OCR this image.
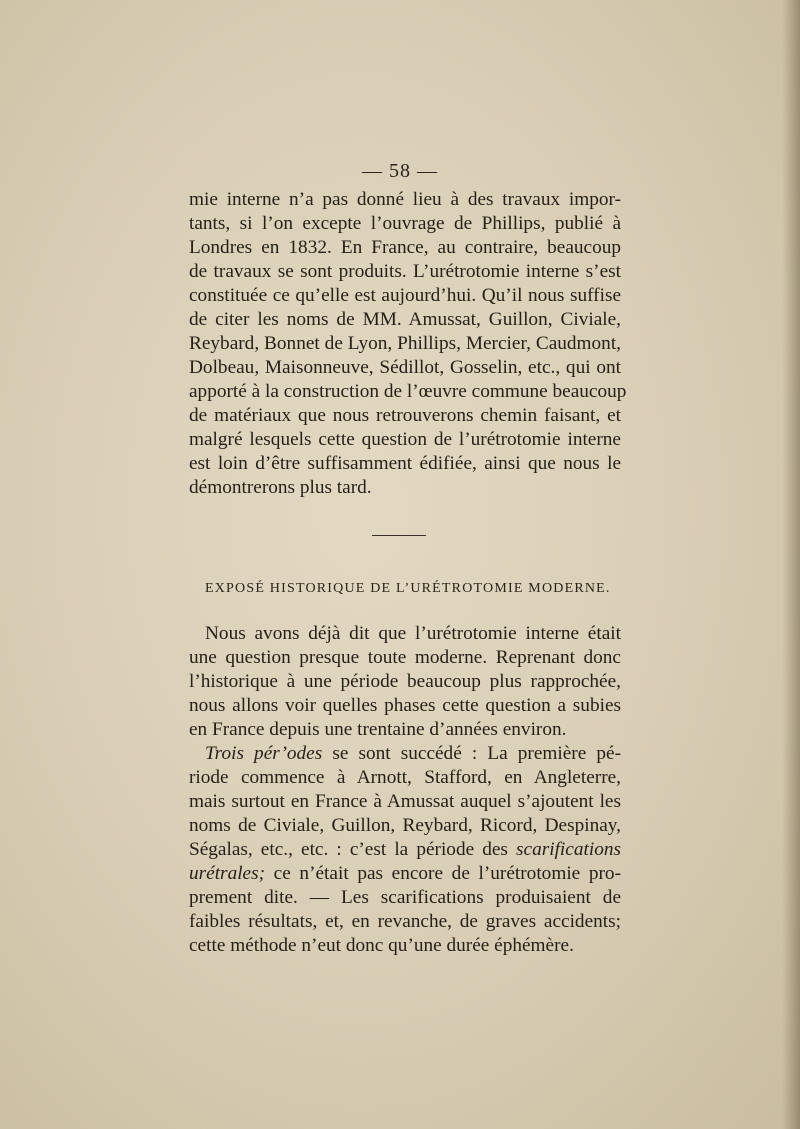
— 58 —
mie interne n’a pas donné lieu à des travaux impor-
tants, si l’on excepte l’ouvrage de Phillips, publié à
Londres en 1832. En France, au contraire, beaucoup
de travaux se sont produits. L’urétrotomie interne s’est
constituée ce qu’elle est aujourd’hui. Qu’il nous suffise
de citer les noms de MM. Amussat, Guillon, Civiale,
Reybard, Bonnet de Lyon, Phillips, Mercier, Caudmont,
Dolbeau, Maisonneuve, Sédillot, Gosselin, etc., qui ont
apporté à la construction de l’œuvre commune beaucoup
de matériaux que nous retrouverons chemin faisant, et
malgré lesquels cette question de l’urétrotomie interne
est loin d’être suffisamment édifiée, ainsi que nous le
démontrerons plus tard.
EXPOSÉ HISTORIQUE DE L’URÉTROTOMIE MODERNE.
Nous avons déjà dit que l’urétrotomie interne était
une question presque toute moderne. Reprenant donc
l’historique à une période beaucoup plus rapprochée,
nous allons voir quelles phases cette question a subies
en France depuis une trentaine d’années environ.
Trois pér’odes se sont succédé : La première pé-
riode commence à Arnott, Stafford, en Angleterre,
mais surtout en France à Amussat auquel s’ajoutent les
noms de Civiale, Guillon, Reybard, Ricord, Despinay,
Ségalas, etc., etc. : c’est la période des scarifications
urétrales; ce n’était pas encore de l’urétrotomie pro-
prement dite. — Les scarifications produisaient de
faibles résultats, et, en revanche, de graves accidents;
cette méthode n’eut donc qu’une durée éphémère.
